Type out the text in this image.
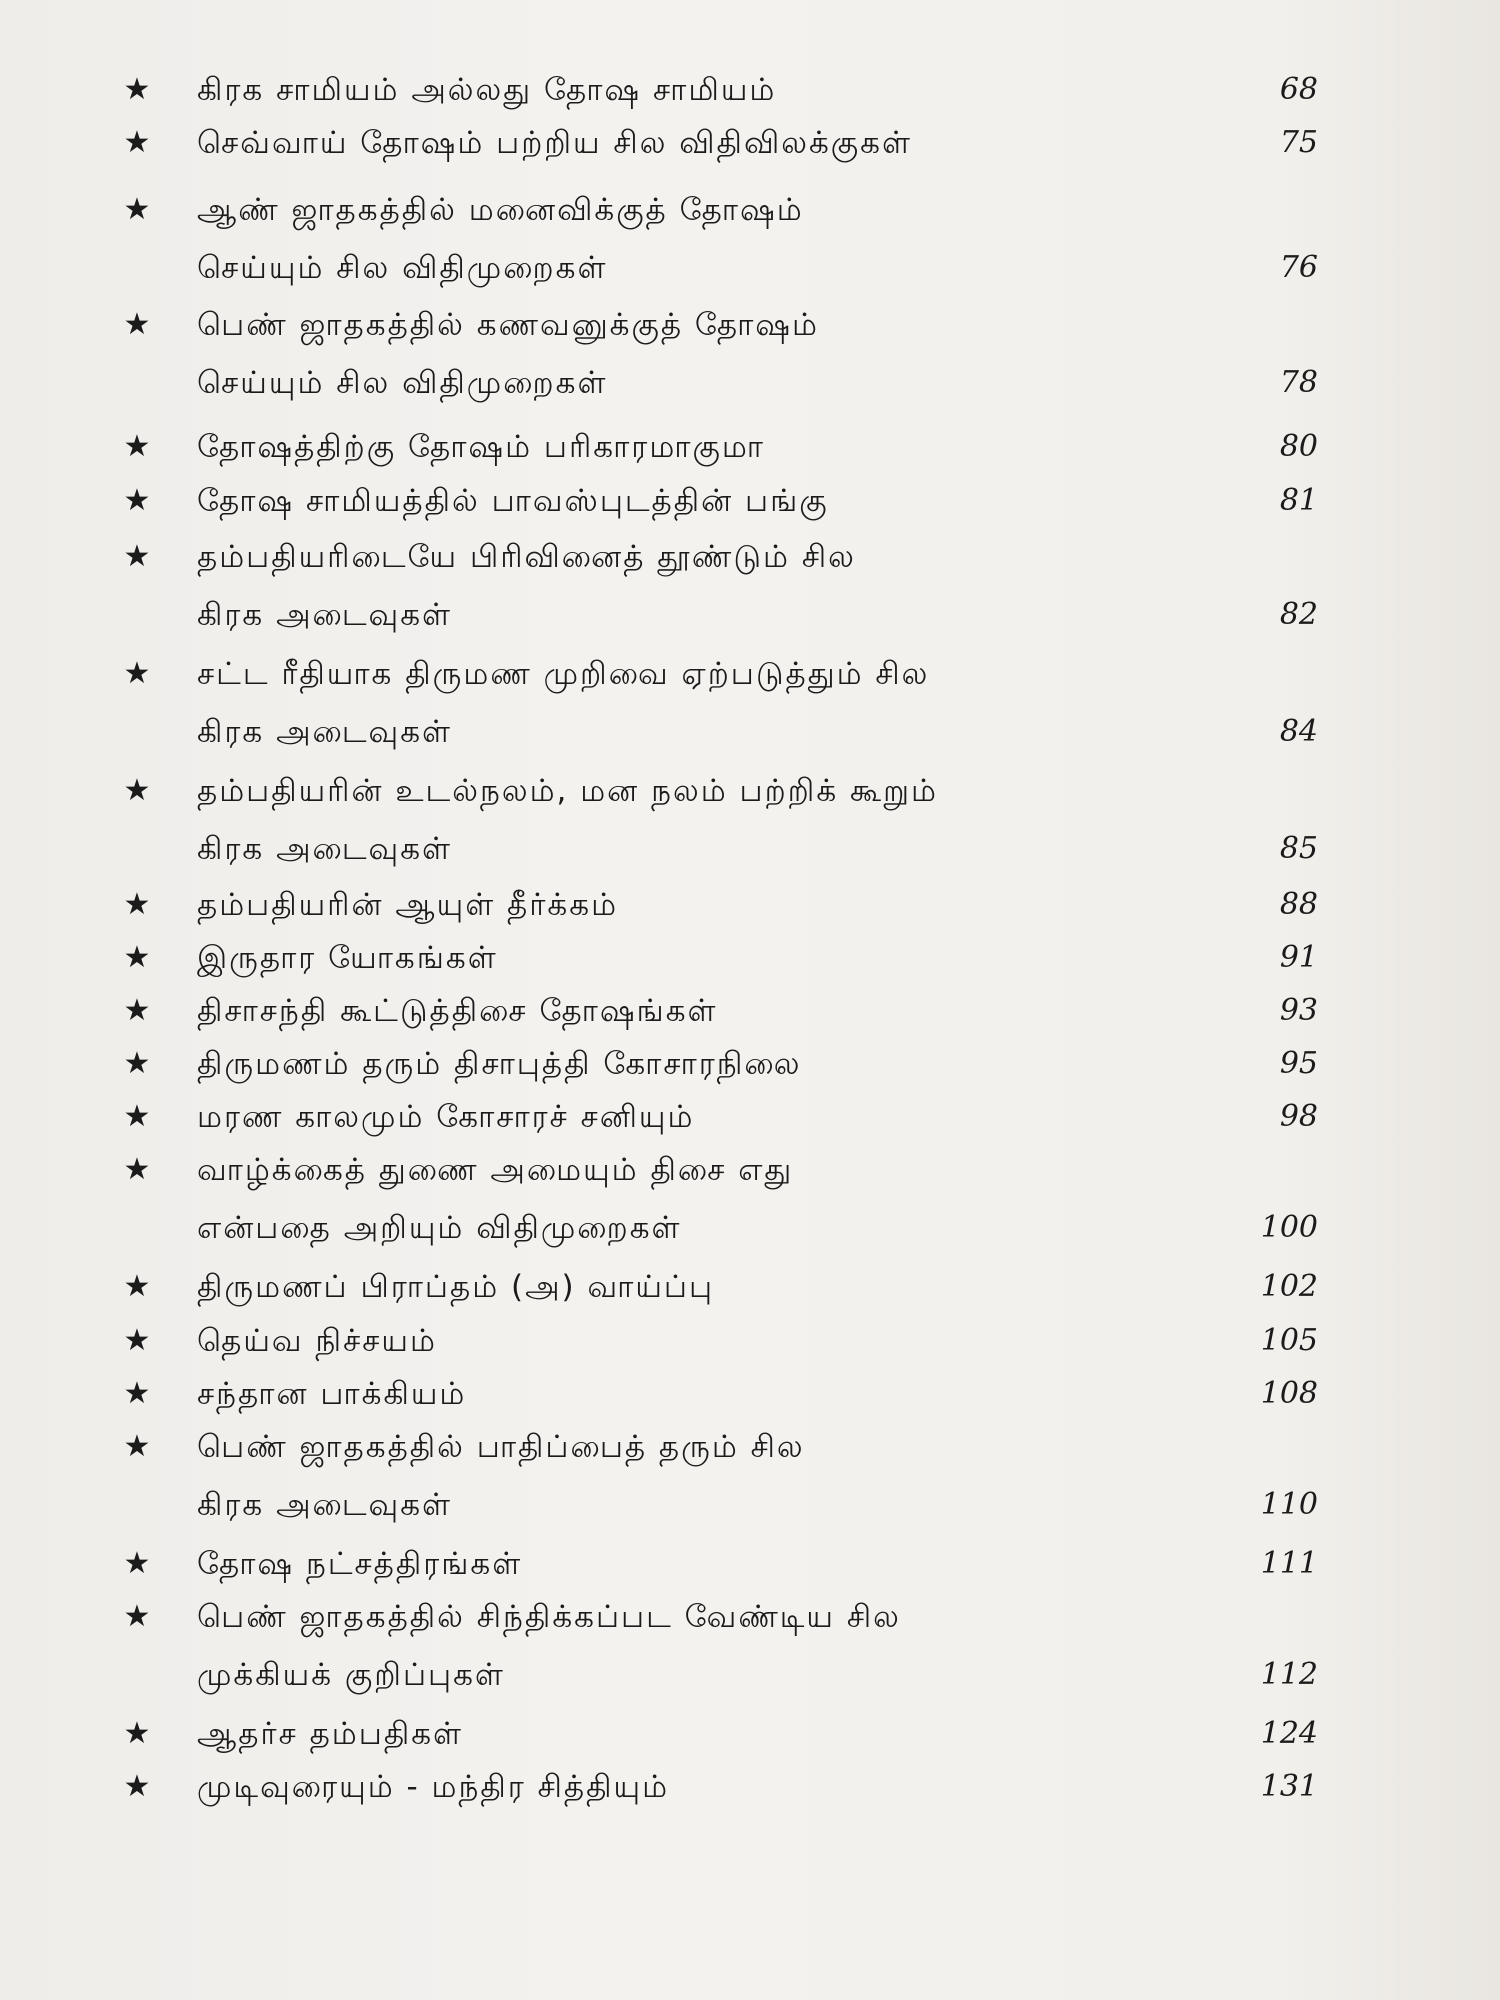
★ கிரக சாமியம் அல்லது தோஷ சாமியம்	68
★ செவ்வாய் தோஷம் பற்றிய சில விதிவிலக்குகள்	75
★ ஆண் ஜாதகத்தில் மனைவிக்குத் தோஷம்
செய்யும் சில விதிமுறைகள்	76
★ பெண் ஜாதகத்தில் கணவனுக்குத் தோஷம்
செய்யும் சில விதிமுறைகள்	78
★ தோஷத்திற்கு தோஷம் பரிகாரமாகுமா	80
★ தோஷ சாமியத்தில் பாவஸ்புடத்தின் பங்கு	81
★ தம்பதியரிடையே பிரிவினைத் தூண்டும் சில
கிரக அடைவுகள்	82
★ சட்ட ரீதியாக திருமண முறிவை ஏற்படுத்தும் சில
கிரக அடைவுகள்	84
★ தம்பதியரின் உடல்நலம், மன நலம் பற்றிக் கூறும்
கிரக அடைவுகள்	85
★ தம்பதியரின் ஆயுள் தீர்க்கம்	88
★ இருதார யோகங்கள்	91
★ திசாசந்தி கூட்டுத்திசை தோஷங்கள்	93
★ திருமணம் தரும் திசாபுத்தி கோசாரநிலை	95
★ மரண காலமும் கோசாரச் சனியும்	98
★ வாழ்க்கைத் துணை அமையும் திசை எது
என்பதை அறியும் விதிமுறைகள்	100
★ திருமணப் பிராப்தம் (அ) வாய்ப்பு	102
★ தெய்வ நிச்சயம்	105
★ சந்தான பாக்கியம்	108
★ பெண் ஜாதகத்தில் பாதிப்பைத் தரும் சில
கிரக அடைவுகள்	110
★ தோஷ நட்சத்திரங்கள்	111
★ பெண் ஜாதகத்தில் சிந்திக்கப்பட வேண்டிய சில
முக்கியக் குறிப்புகள்	112
★ ஆதர்ச தம்பதிகள்	124
★ முடிவுரையும் - மந்திர சித்தியும்	131
